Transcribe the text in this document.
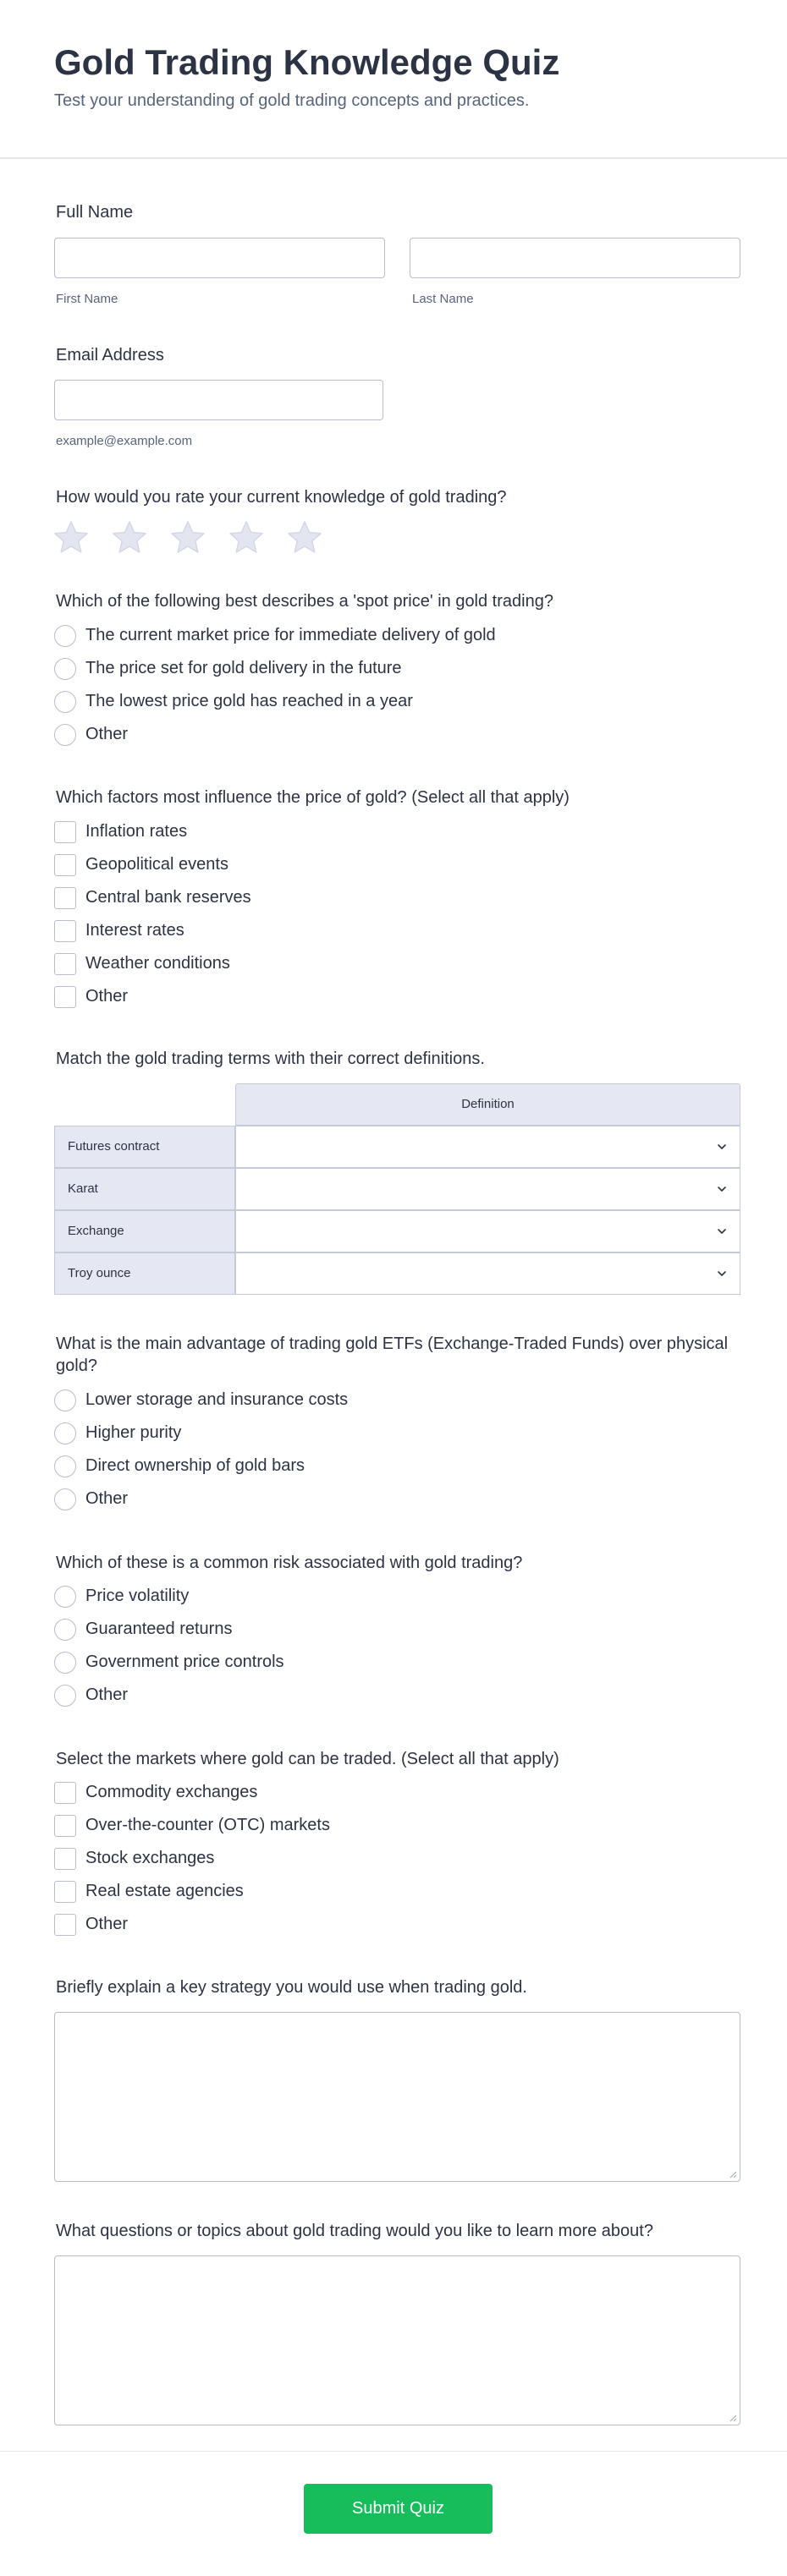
Gold Trading Knowledge Quiz

Test your understanding of gold trading concepts and practices.

Full Name
First Name	Last Name
Email Address
example@example.com
How would you rate your current knowledge of gold trading?
Which of the following best describes a 'spot price' in gold trading?
The current market price for immediate delivery of gold
The price set for gold delivery in the future
The lowest price gold has reached in a year
Other
Which factors most influence the price of gold? (Select all that apply)
Inflation rates
Geopolitical events
Central bank reserves
Interest rates
Weather conditions
Other
Match the gold trading terms with their correct definitions.
Definition
Futures contract
Karat
Exchange
Troy ounce
What is the main advantage of trading gold ETFs (Exchange-Traded Funds) over physical gold?
Lower storage and insurance costs
Higher purity
Direct ownership of gold bars
Other
Which of these is a common risk associated with gold trading?
Price volatility
Guaranteed returns
Government price controls
Other
Select the markets where gold can be traded. (Select all that apply)
Commodity exchanges
Over-the-counter (OTC) markets
Stock exchanges
Real estate agencies
Other
Briefly explain a key strategy you would use when trading gold.
What questions or topics about gold trading would you like to learn more about?
Submit Quiz
